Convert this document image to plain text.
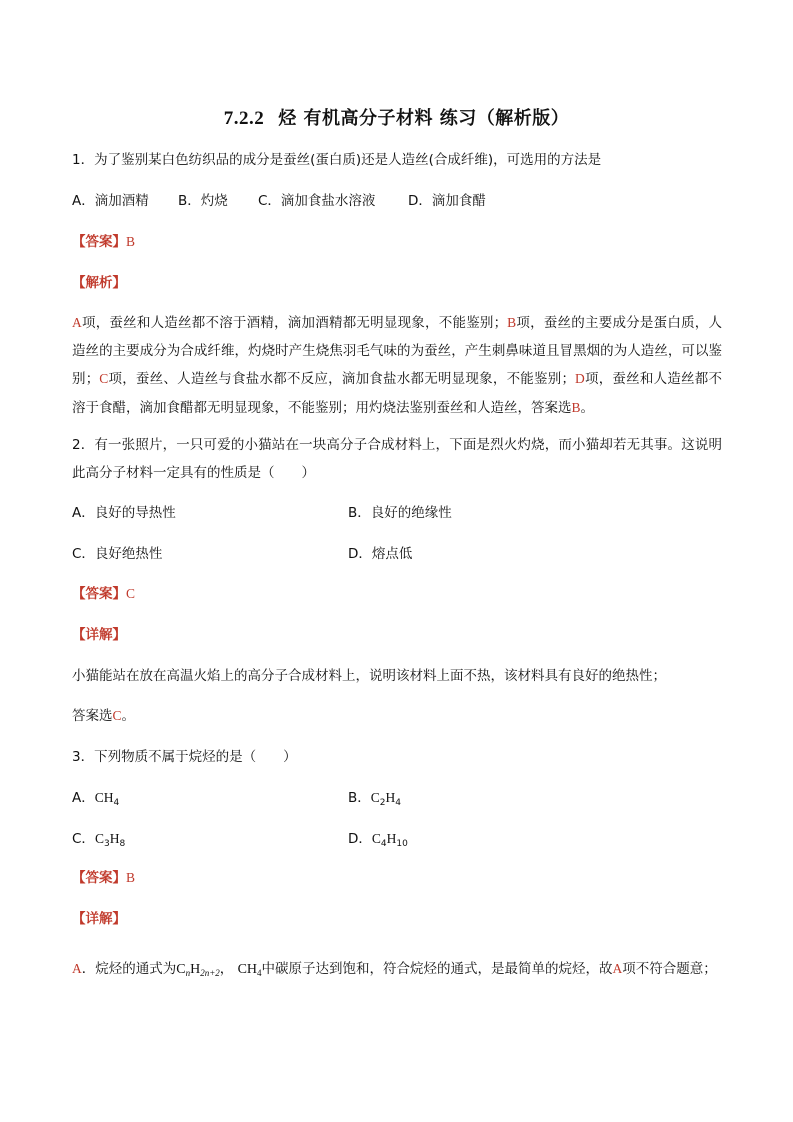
7.2.2 烃 有机高分子材料 练习（解析版）
1．为了鉴别某白色纺织品的成分是蚕丝(蛋白质)还是人造丝(合成纤维)，可选用的方法是
A．滴加酒精 B．灼烧 C．滴加食盐水溶液 D．滴加食醋
【答案】B
【解析】
A项，蚕丝和人造丝都不溶于酒精，滴加酒精都无明显现象，不能鉴别；B项，蚕丝的主要成分是蛋白质，人造丝的主要成分为合成纤维，灼烧时产生烧焦羽毛气味的为蚕丝，产生刺鼻味道且冒黑烟的为人造丝，可以鉴别；C项，蚕丝、人造丝与食盐水都不反应，滴加食盐水都无明显现象，不能鉴别；D项，蚕丝和人造丝都不溶于食醋，滴加食醋都无明显现象，不能鉴别；用灼烧法鉴别蚕丝和人造丝，答案选B。
2．有一张照片，一只可爱的小猫站在一块高分子合成材料上，下面是烈火灼烧，而小猫却若无其事。这说明此高分子材料一定具有的性质是（　　）
A．良好的导热性	B．良好的绝缘性
C．良好绝热性	D．熔点低
【答案】C
【详解】
小猫能站在放在高温火焰上的高分子合成材料上，说明该材料上面不热，该材料具有良好的绝热性；
答案选C。
3．下列物质不属于烷烃的是（　　）
A．$CH_4$	B．$C_2H_4$
C．$C_3H_8$	D．$C_4H_{10}$
【答案】B
【详解】
A．烷烃的通式为$C_nH_{2n+2}$， $CH_4$中碳原子达到饱和，符合烷烃的通式，是最简单的烷烃，故A项不符合题意；
